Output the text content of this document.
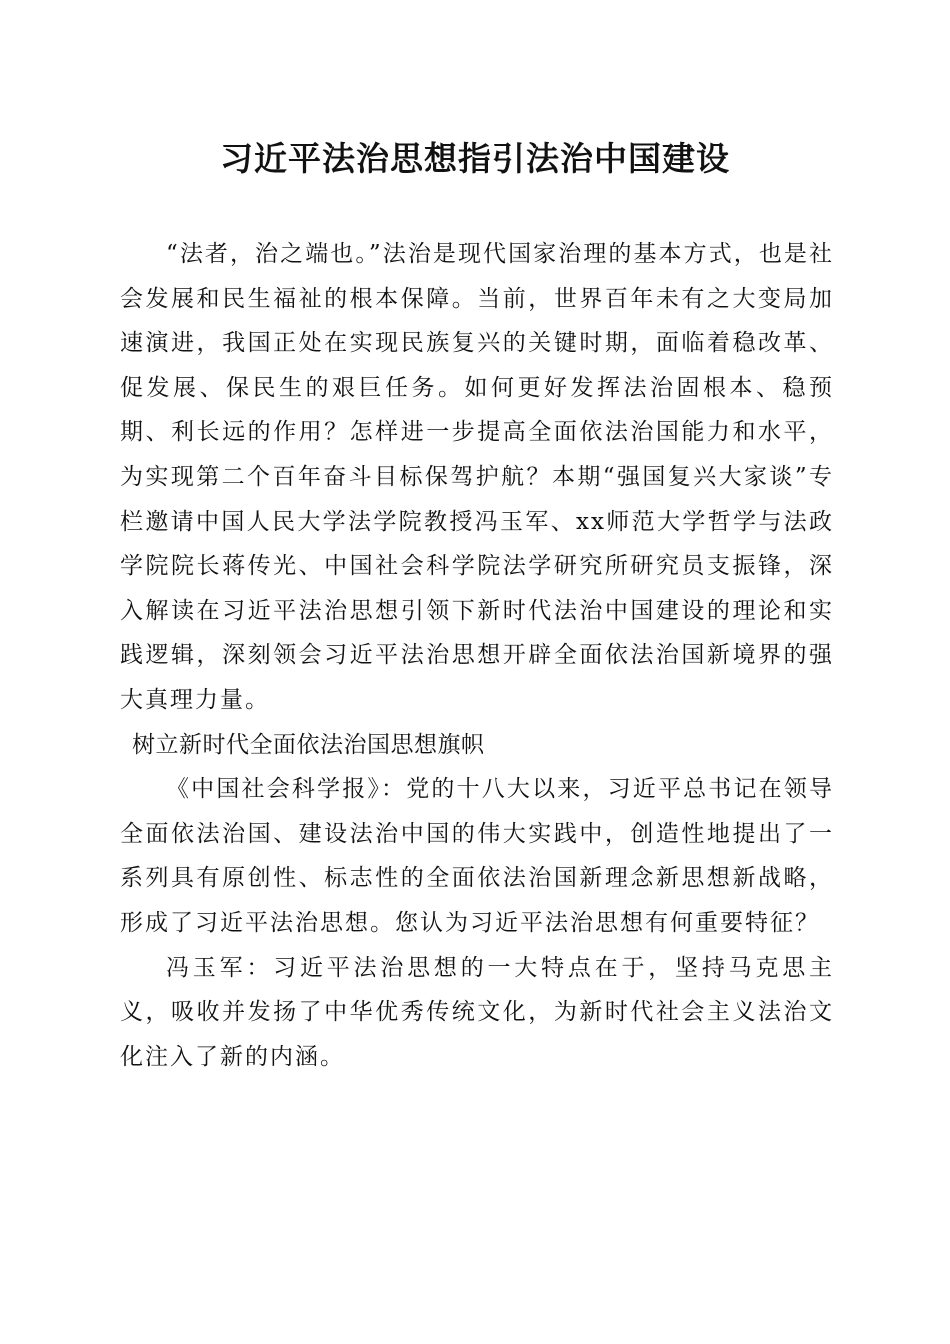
习近平法治思想指引法治中国建设

“法者，治之端也。”法治是现代国家治理的基本方式，也是社会发展和民生福祉的根本保障。当前，世界百年未有之大变局加速演进，我国正处在实现民族复兴的关键时期，面临着稳改革、促发展、保民生的艰巨任务。如何更好发挥法治固根本、稳预期、利长远的作用？怎样进一步提高全面依法治国能力和水平，为实现第二个百年奋斗目标保驾护航？本期“强国复兴大家谈”专栏邀请中国人民大学法学院教授冯玉军、xx师范大学哲学与法政学院院长蒋传光、中国社会科学院法学研究所研究员支振锋，深入解读在习近平法治思想引领下新时代法治中国建设的理论和实践逻辑，深刻领会习近平法治思想开辟全面依法治国新境界的强大真理力量。

树立新时代全面依法治国思想旗帜

《中国社会科学报》：党的十八大以来，习近平总书记在领导全面依法治国、建设法治中国的伟大实践中，创造性地提出了一系列具有原创性、标志性的全面依法治国新理念新思想新战略，形成了习近平法治思想。您认为习近平法治思想有何重要特征？

冯玉军：习近平法治思想的一大特点在于，坚持马克思主义，吸收并发扬了中华优秀传统文化，为新时代社会主义法治文化注入了新的内涵。
